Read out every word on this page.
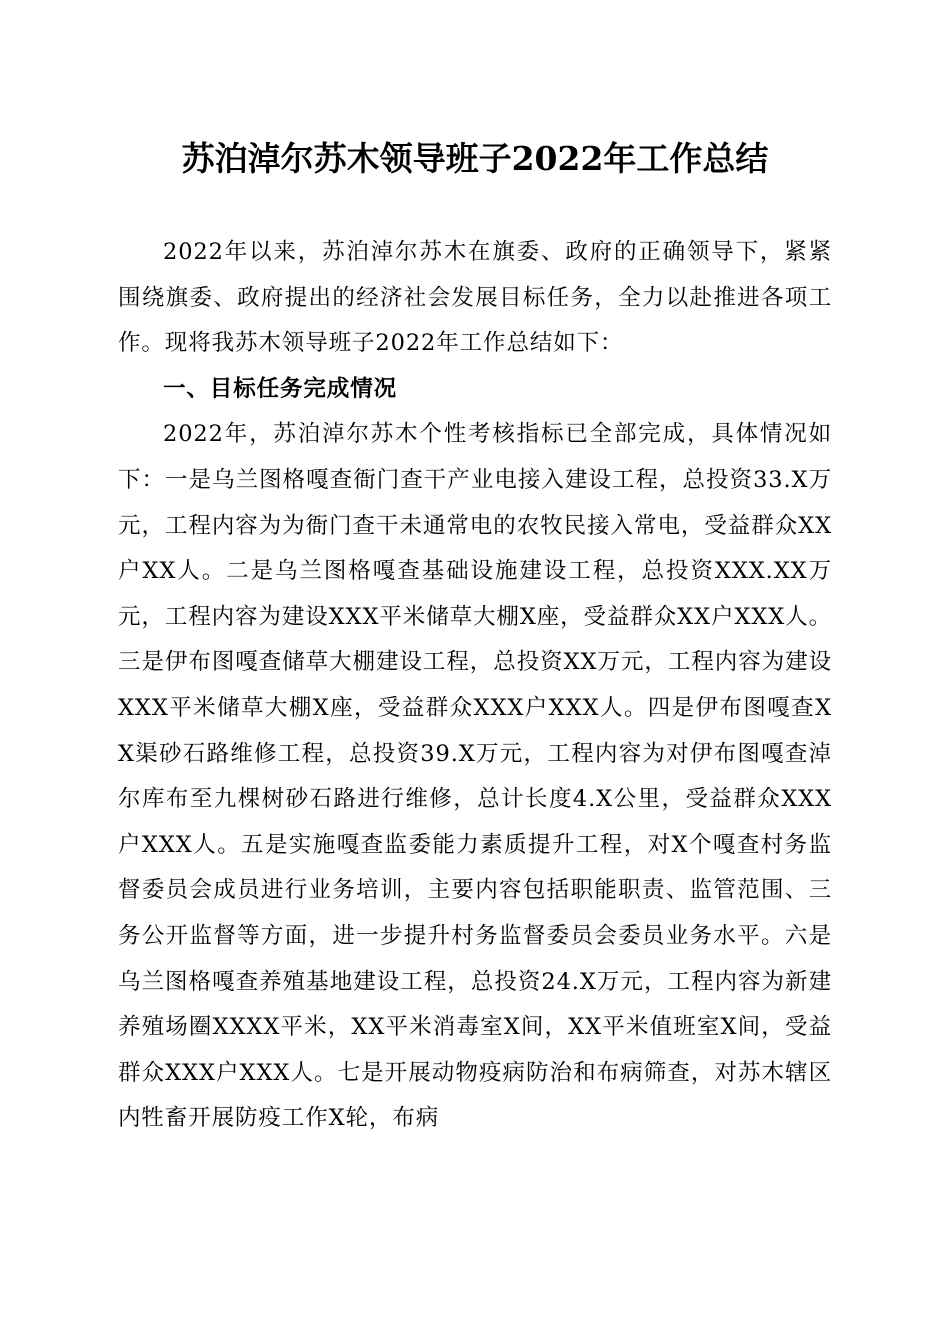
苏泊淖尔苏木领导班子2022年工作总结

2022年以来，苏泊淖尔苏木在旗委、政府的正确领导下，紧紧围绕旗委、政府提出的经济社会发展目标任务，全力以赴推进各项工作。现将我苏木领导班子2022年工作总结如下：

一、目标任务完成情况

2022年，苏泊淖尔苏木个性考核指标已全部完成，具体情况如下：一是乌兰图格嘎查衙门查干产业电接入建设工程，总投资33.X万元，工程内容为为衙门查干未通常电的农牧民接入常电，受益群众XX户XX人。二是乌兰图格嘎查基础设施建设工程，总投资XXX.XX万元，工程内容为建设XXX平米储草大棚X座，受益群众XX户XXX人。三是伊布图嘎查储草大棚建设工程，总投资XX万元，工程内容为建设XXX平米储草大棚X座，受益群众XXX户XXX人。四是伊布图嘎查XX渠砂石路维修工程，总投资39.X万元，工程内容为对伊布图嘎查淖尔库布至九棵树砂石路进行维修，总计长度4.X公里，受益群众XXX户XXX人。五是实施嘎查监委能力素质提升工程，对X个嘎查村务监督委员会成员进行业务培训，主要内容包括职能职责、监管范围、三务公开监督等方面，进一步提升村务监督委员会委员业务水平。六是乌兰图格嘎查养殖基地建设工程，总投资24.X万元，工程内容为新建养殖场圈XXXX平米，XX平米消毒室X间，XX平米值班室X间，受益群众XXX户XXX人。七是开展动物疫病防治和布病筛查，对苏木辖区内牲畜开展防疫工作X轮，布病
